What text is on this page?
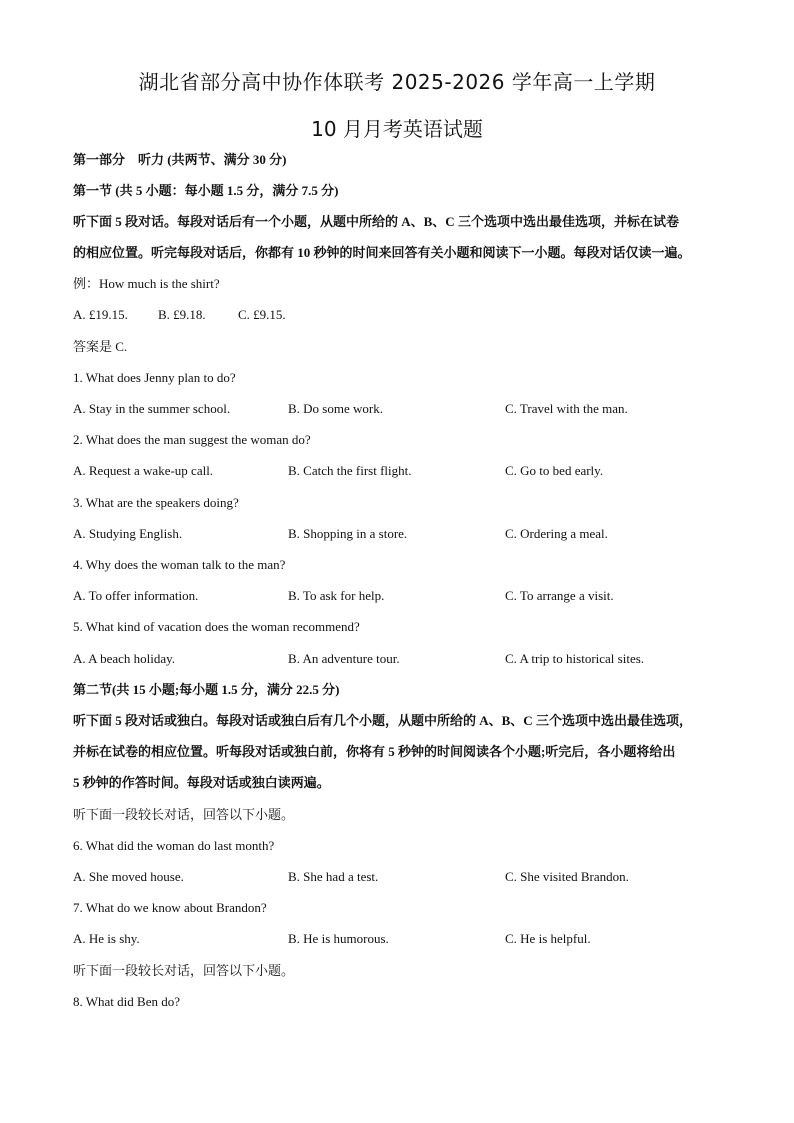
湖北省部分高中协作体联考 2025-2026 学年高一上学期
10 月月考英语试题
第一部分　听力 (共两节、满分 30 分)
第一节 (共 5 小题：每小题 1.5 分，满分 7.5 分)
听下面 5 段对话。每段对话后有一个小题，从题中所给的 A、B、C 三个选项中选出最佳选项，并标在试卷
的相应位置。听完每段对话后，你都有 10 秒钟的时间来回答有关小题和阅读下一小题。每段对话仅读一遍。
例：How much is the shirt?
A. £19.15. B. £9.18. C. £9.15.
答案是 C.
1. What does Jenny plan to do?
A. Stay in the summer school.	B. Do some work.	C. Travel with the man.
2. What does the man suggest the woman do?
A. Request a wake-up call.	B. Catch the first flight.	C. Go to bed early.
3. What are the speakers doing?
A. Studying English.	B. Shopping in a store.	C. Ordering a meal.
4. Why does the woman talk to the man?
A. To offer information.	B. To ask for help.	C. To arrange a visit.
5. What kind of vacation does the woman recommend?
A. A beach holiday.	B. An adventure tour.	C. A trip to historical sites.
第二节(共 15 小题;每小题 1.5 分，满分 22.5 分)
听下面 5 段对话或独白。每段对话或独白后有几个小题，从题中所给的 A、B、C 三个选项中选出最佳选项，
并标在试卷的相应位置。听每段对话或独白前，你将有 5 秒钟的时间阅读各个小题;听完后，各小题将给出
5 秒钟的作答时间。每段对话或独白读两遍。
听下面一段较长对话，回答以下小题。
6. What did the woman do last month?
A. She moved house.	B. She had a test.	C. She visited Brandon.
7. What do we know about Brandon?
A. He is shy.	B. He is humorous.	C. He is helpful.
听下面一段较长对话，回答以下小题。
8. What did Ben do?
